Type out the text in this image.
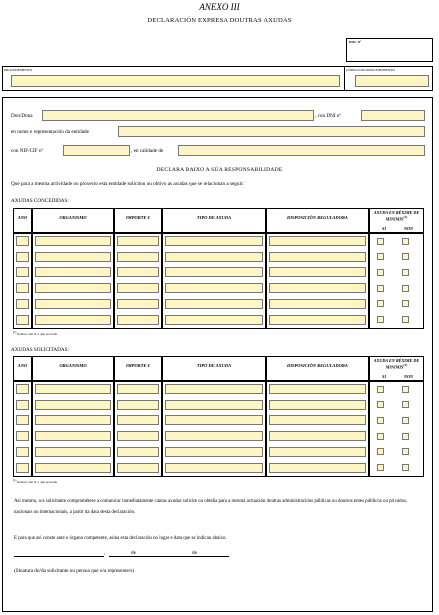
ANEXO III
DECLARACIÓN EXPRESA DOUTRAS AXUDAS
DOC Nº
PROCEDEMENTO	CÓDIGO DO PROCEDEMENTO
Don/Dona	, con DNI nº
en nome e representación da entidade
con NIF/CIF nº	, en calidade de
DECLARA BAIXO A SÚA RESPONSABILIDADE
Que para a mesma actividade ou proxecto esta entidade solicitou ou obtivo as axudas que se relacionan a seguir:
AXUDAS CONCEDIDAS:
ANO	ORGANISMO	IMPORTE €	TIPO DE AXUDA	DISPOSICIÓN REGULADORA
AXUDA EN RÉXIME DE MINIMIS$^{(1)}$
SI	NON
$^{(1)}$ Indicar cun X o que proceda
AXUDAS SOLICITADAS:
ANO	ORGANISMO	IMPORTE €	TIPO DE AXUDA	DISPOSICIÓN REGULADORA
AXUDA EN RÉXIME DE MINIMIS$^{(1)}$
SI	NON
$^{(1)}$ Indicar cun X o que proceda
Así mesmo, o/a solicitante comprométese a comunicar inmediatamente cantas axudas solicite ou obteña para a mesma actuación doutras administracións públicas ou doutros entes públicos ou privados, nacionais ou internacionais, a partir da data desta declaración.
E para que así conste ante o órgano competente, asina esta declaración no lugar e data que se indican abaixo.
,	de	de
(Sinatura do/da solicitante ou persoa que o/a represente/s)
